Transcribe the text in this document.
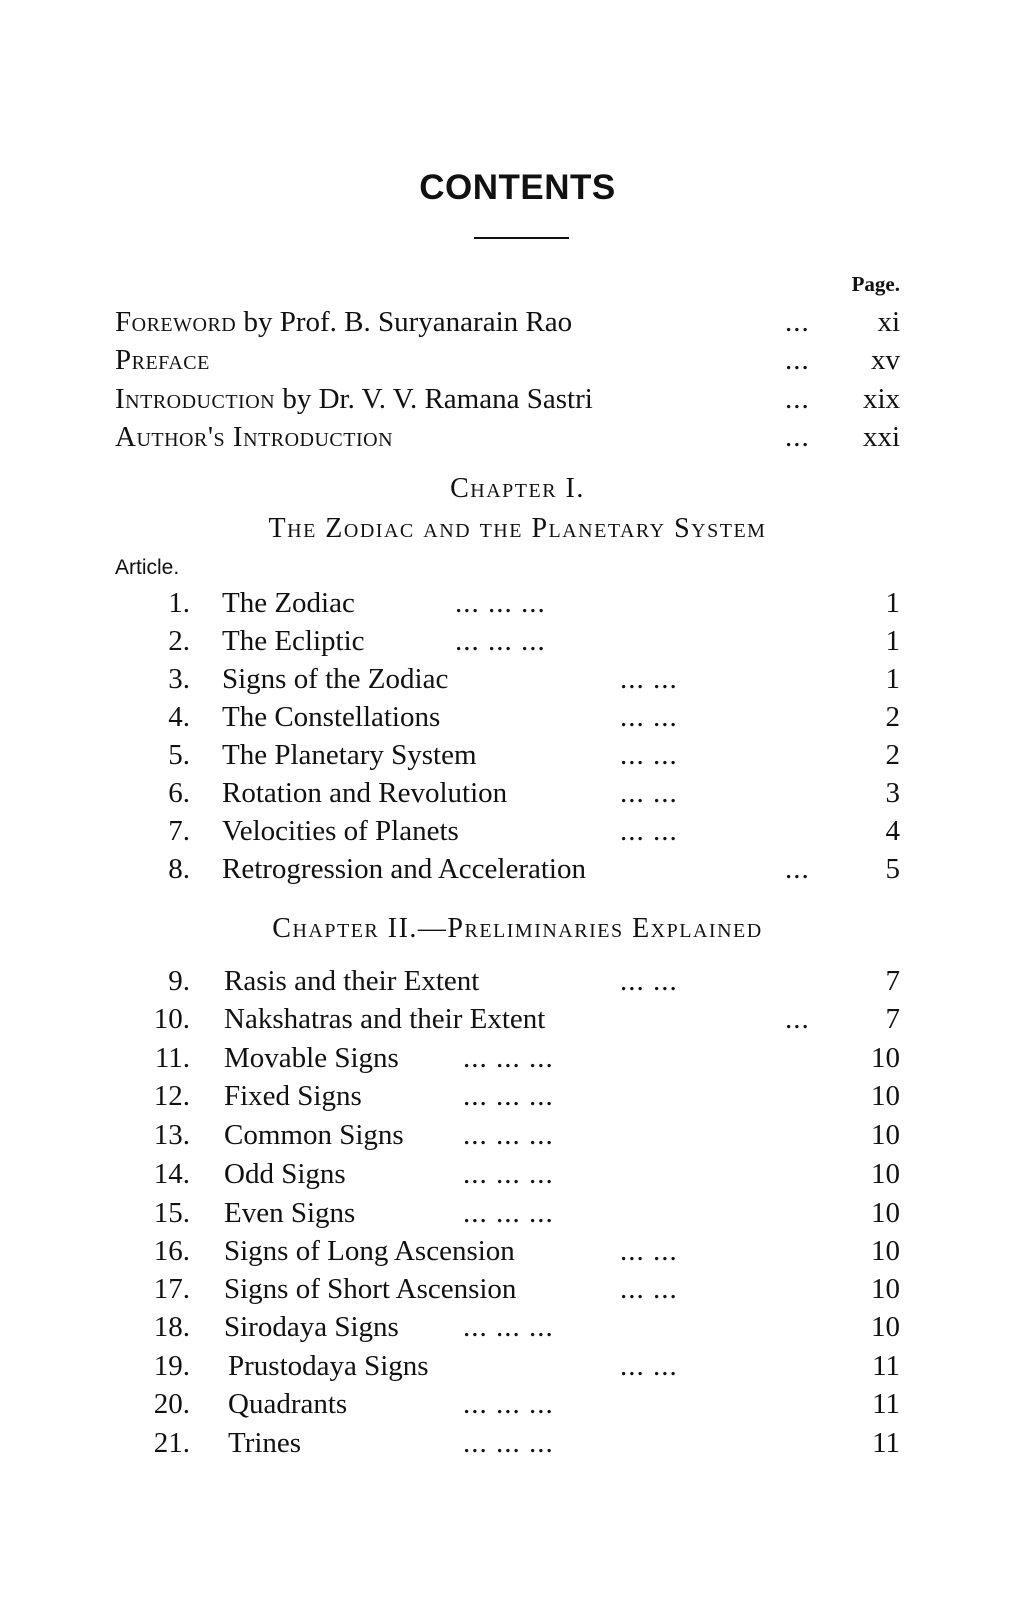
CONTENTS
Page.
Foreword by Prof. B. Suryanarain Rao	...	xi
Preface	...	xv
Introduction by Dr. V. V. Ramana Sastri	...	xix
Author's Introduction	...	xxi
Chapter I.
The Zodiac and the Planetary System
Article.
1. The Zodiac	... ... ...	1
2. The Ecliptic	... ... ...	1
3. Signs of the Zodiac	... ...	1
4. The Constellations	... ...	2
5. The Planetary System	... ...	2
6. Rotation and Revolution	... ...	3
7. Velocities of Planets	... ...	4
8. Retrogression and Acceleration	...	5
Chapter II.—Preliminaries Explained
9. Rasis and their Extent	... ...	7
10. Nakshatras and their Extent	...	7
11. Movable Signs ... ... ...	10
12. Fixed Signs	... ... ...	10
13. Common Signs ... ... ...	10
14. Odd Signs	... ... ...	10
15. Even Signs	... ... ...	10
16. Signs of Long Ascension	... ...	10
17. Signs of Short Ascension	... ...	10
18. Sirodaya Signs ... ... ...	10
19. Prustodaya Signs	... ...	11
20. Quadrants	... ... ...	11
21. Trines	... ... ...	11
